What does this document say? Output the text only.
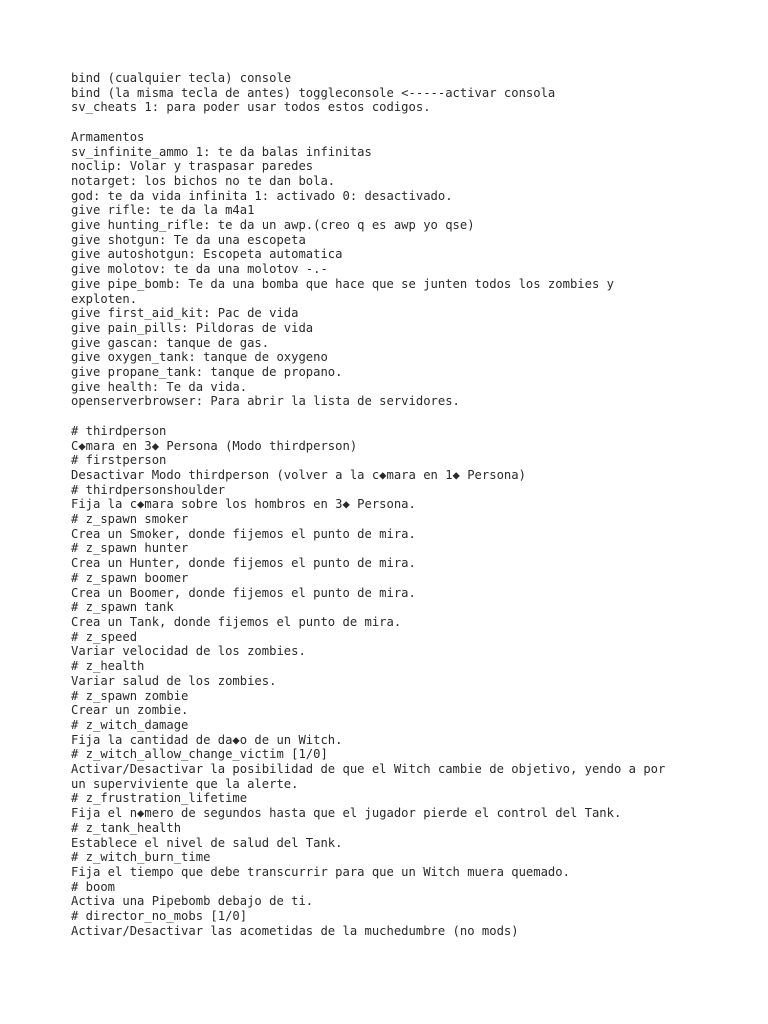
bind (cualquier tecla) console
bind (la misma tecla de antes) toggleconsole <-----activar consola
sv_cheats 1: para poder usar todos estos codigos.
Armamentos
sv_infinite_ammo 1: te da balas infinitas
noclip: Volar y traspasar paredes
notarget: los bichos no te dan bola.
god: te da vida infinita 1: activado 0: desactivado.
give rifle: te da la m4a1
give hunting_rifle: te da un awp.(creo q es awp yo qse)
give shotgun: Te da una escopeta
give autoshotgun: Escopeta automatica
give molotov: te da una molotov -.-
give pipe_bomb: Te da una bomba que hace que se junten todos los zombies y
exploten.
give first_aid_kit: Pac de vida
give pain_pills: Pildoras de vida
give gascan: tanque de gas.
give oxygen_tank: tanque de oxygeno
give propane_tank: tanque de propano.
give health: Te da vida.
openserverbrowser: Para abrir la lista de servidores.
# thirdperson
C◆mara en 3◆ Persona (Modo thirdperson)
# firstperson
Desactivar Modo thirdperson (volver a la c◆mara en 1◆ Persona)
# thirdpersonshoulder
Fija la c◆mara sobre los hombros en 3◆ Persona.
# z_spawn smoker
Crea un Smoker, donde fijemos el punto de mira.
# z_spawn hunter
Crea un Hunter, donde fijemos el punto de mira.
# z_spawn boomer
Crea un Boomer, donde fijemos el punto de mira.
# z_spawn tank
Crea un Tank, donde fijemos el punto de mira.
# z_speed
Variar velocidad de los zombies.
# z_health
Variar salud de los zombies.
# z_spawn zombie
Crear un zombie.
# z_witch_damage
Fija la cantidad de da◆o de un Witch.
# z_witch_allow_change_victim [1/0]
Activar/Desactivar la posibilidad de que el Witch cambie de objetivo, yendo a por
un superviviente que la alerte.
# z_frustration_lifetime
Fija el n◆mero de segundos hasta que el jugador pierde el control del Tank.
# z_tank_health
Establece el nivel de salud del Tank.
# z_witch_burn_time
Fija el tiempo que debe transcurrir para que un Witch muera quemado.
# boom
Activa una Pipebomb debajo de ti.
# director_no_mobs [1/0]
Activar/Desactivar las acometidas de la muchedumbre (no mods)
